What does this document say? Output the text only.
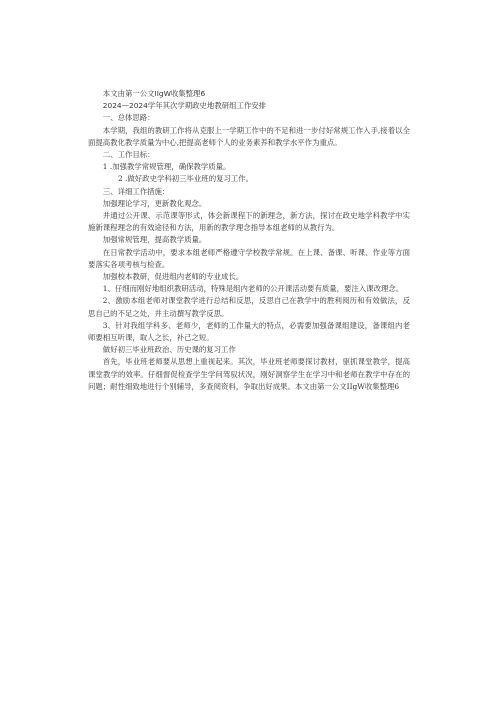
本文由第一公文IIgW收集整理6

2024—2024学年其次学期政史地教研组工作安排

一、总体思路：

本学期，我组的教研工作将从克服上一学期工作中的不足和进一步付好常规工作入手,接着以全面提高教化教学质量为中心,把提高老师个人的业务素养和教学水平作为重点。

二、工作目标：

1 .加强教学常规管理，确保教学质量。

2 .做好政史学科初三毕业班的复习工作。

三、详细工作措施：

加强理论学习，更新教化观念。

并通过公开课、示范课等形式，体会新课程下的新理念，新方法，探讨在政史地学科教学中实施新课程理念的有效途径和方法，用新的教学理念指导本组老师的从教行为。

加强常规管理，提高教学质量。

在日常教学活动中，要求本组老师严格遵守学校教学常规。在上课、备课、听课、作业等方面要落实各项考核与检查。

加强校本教研，促进组内老师的专业成长。

1、仔细而刚好地组织教研活动，特殊是组内老师的公开课活动要有质量，要注入课改理念。

2、激励本组老师对课堂教学进行总结和反思，反思自己在教学中的胜利阅历和有效做法，反思自己的不足之处，并主动撰写教学反思。

3、针对我组学科多、老师少，老师的工作量大的特点，必需要加强备课组建设，备课组内老师要相互听课，取人之长，补己之短。

做好初三毕业班政治、历史课的复习工作

首先，毕业班老师要从思想上重视起来。其次，毕业班老师要探讨教材，驱抓课堂教学，提高课堂教学的效率。仔细督促检查学生学问驾驭状况，刚好洞察学生在学习中和老师在教学中存在的问题；耐性细致地进行个别辅导，多查阅资料，争取出好成果。本文由第一公文IIgW收集整理6
